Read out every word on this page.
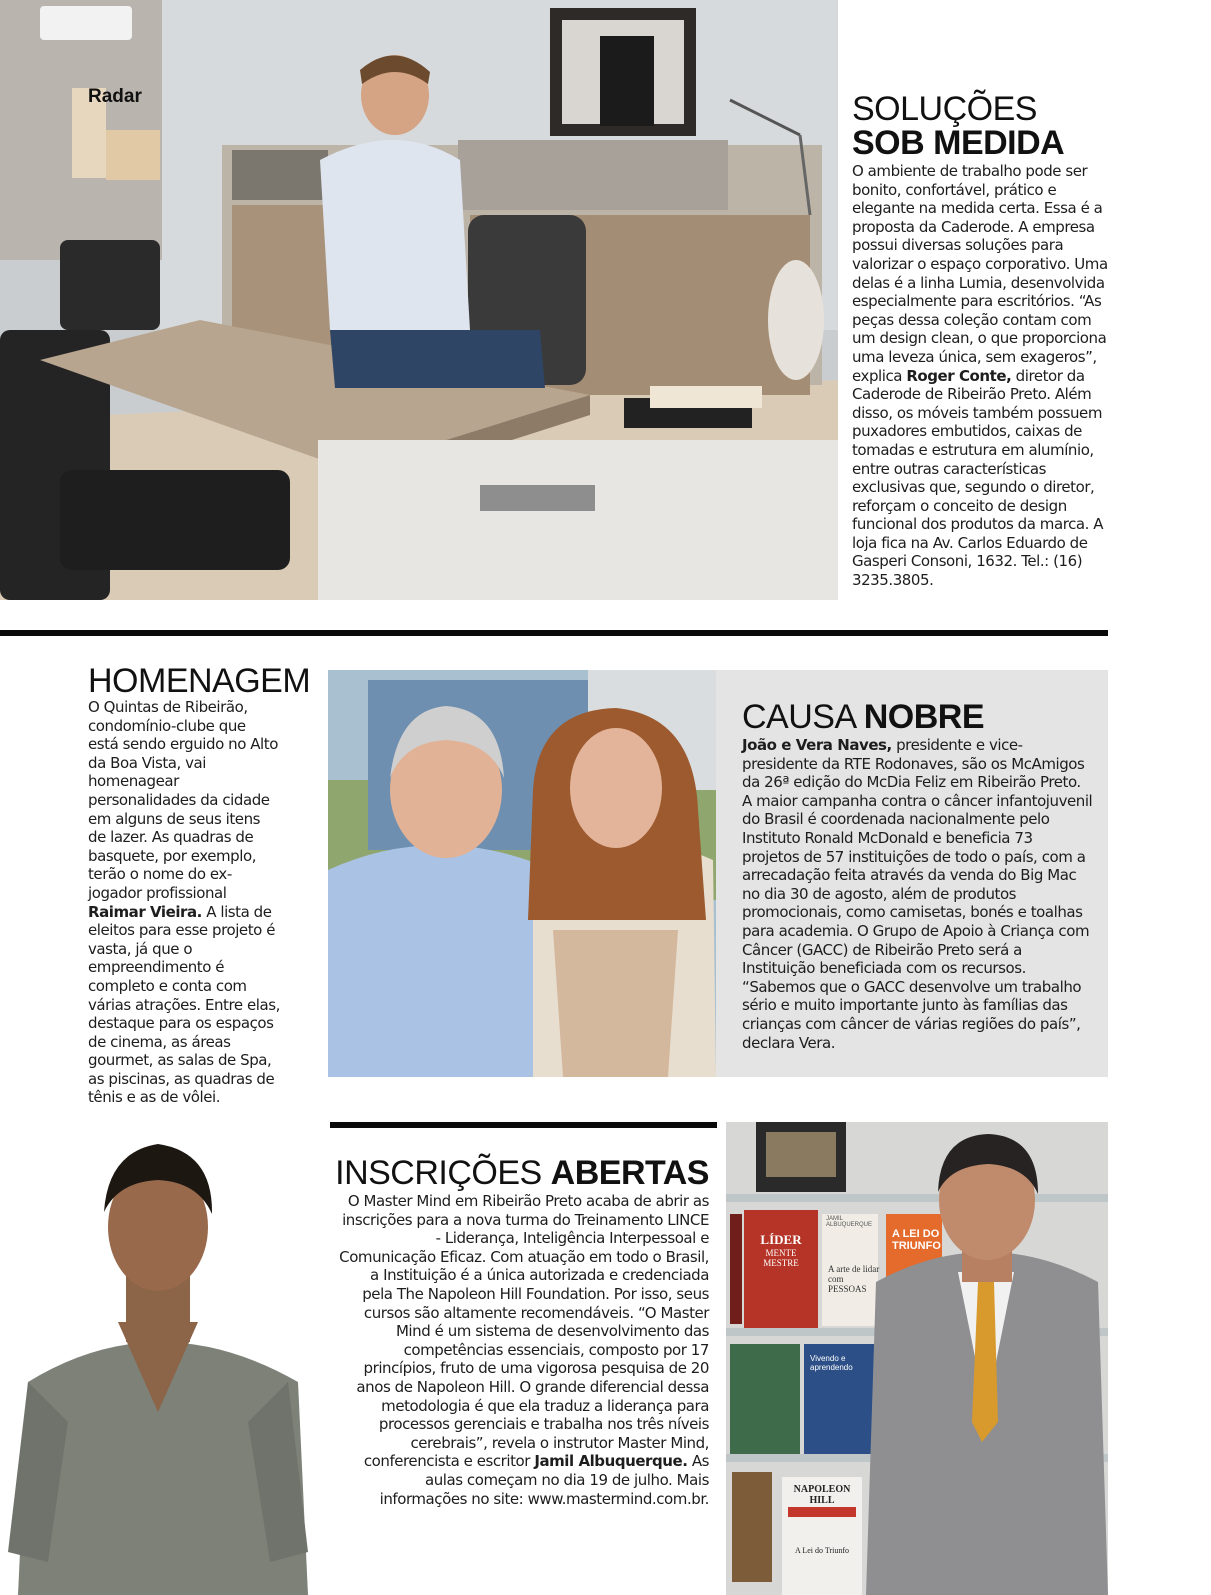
Radar	SOLUÇÕES
SOB MEDIDA
O ambiente de trabalho pode ser bonito, confortável, prático e elegante na medida certa. Essa é a proposta da Caderode. A empresa possui diversas soluções para valorizar o espaço corporativo. Uma delas é a linha Lumia, desenvolvida especialmente para escritórios. “As peças dessa coleção contam com um design clean, o que proporciona uma leveza única, sem exageros”, explica Roger Conte, diretor da Caderode de Ribeirão Preto. Além disso, os móveis também possuem puxadores embutidos, caixas de tomadas e estrutura em alumínio, entre outras características exclusivas que, segundo o diretor, reforçam o conceito de design funcional dos produtos da marca. A loja fica na Av. Carlos Eduardo de Gasperi Consoni, 1632. Tel.: (16) 3235.3805.
HOMENAGEM
O Quintas de Ribeirão, condomínio-clube que está sendo erguido no Alto da Boa Vista, vai homenagear personalidades da cidade em alguns de seus itens de lazer. As quadras de basquete, por exemplo, terão o nome do ex-jogador profissional Raimar Vieira. A lista de eleitos para esse projeto é vasta, já que o empreendimento é completo e conta com várias atrações. Entre elas, destaque para os espaços de cinema, as áreas gourmet, as salas de Spa, as piscinas, as quadras de tênis e as de vôlei.
CAUSA NOBRE
João e Vera Naves, presidente e vice-presidente da RTE Rodonaves, são os McAmigos da 26ª edição do McDia Feliz em Ribeirão Preto. A maior campanha contra o câncer infantojuvenil do Brasil é coordenada nacionalmente pelo Instituto Ronald McDonald e beneficia 73 projetos de 57 instituições de todo o país, com a arrecadação feita através da venda do Big Mac no dia 30 de agosto, além de produtos promocionais, como camisetas, bonés e toalhas para academia. O Grupo de Apoio à Criança com Câncer (GACC) de Ribeirão Preto será a Instituição beneficiada com os recursos. “Sabemos que o GACC desenvolve um trabalho sério e muito importante junto às famílias das crianças com câncer de várias regiões do país”, declara Vera.
INSCRIÇÕES ABERTAS
O Master Mind em Ribeirão Preto acaba de abrir as inscrições para a nova turma do Treinamento LINCE - Liderança, Inteligência Interpessoal e Comunicação Eficaz. Com atuação em todo o Brasil, a Instituição é a única autorizada e credenciada pela The Napoleon Hill Foundation. Por isso, seus cursos são altamente recomendáveis. “O Master Mind é um sistema de desenvolvimento das competências essenciais, composto por 17 princípios, fruto de uma vigorosa pesquisa de 20 anos de Napoleon Hill. O grande diferencial dessa metodologia é que ela traduz a liderança para processos gerenciais e trabalha nos três níveis cerebrais”, revela o instrutor Master Mind, conferencista e escritor Jamil Albuquerque. As aulas começam no dia 19 de julho. Mais informações no site: www.mastermind.com.br.
LÍDER
MENTE
MESTRE
A arte de lidar com PESSOAS
A LEI DO TRIUNFO
Vivendo e aprendendo
NAPOLEON HILL
A Lei do Triunfo
JAMIL ALBUQUERQUE
